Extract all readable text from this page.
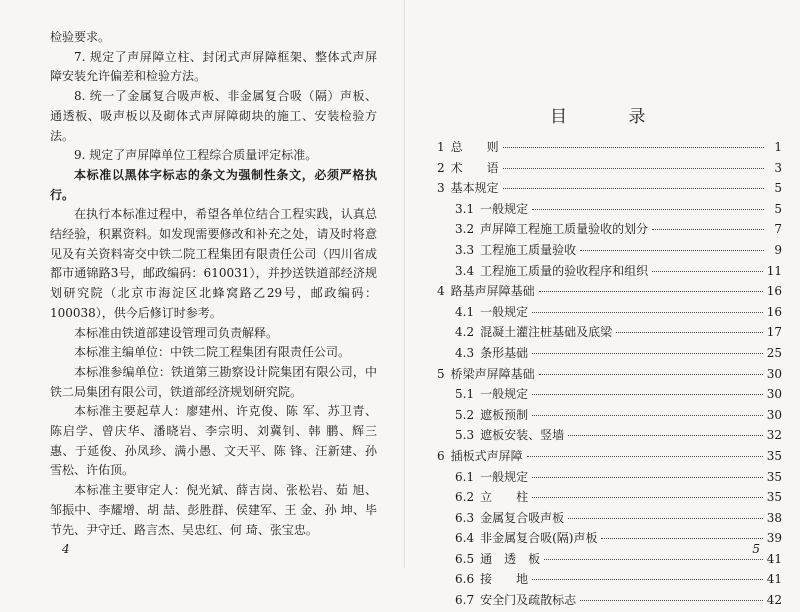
检验要求。

7. 规定了声屏障立柱、封闭式声屏障框架、整体式声屏障安装允许偏差和检验方法。

8. 统一了金属复合吸声板、非金属复合吸（隔）声板、通透板、吸声板以及砌体式声屏障砌块的施工、安装检验方法。

9. 规定了声屏障单位工程综合质量评定标准。

本标准以黑体字标志的条文为强制性条文，必须严格执行。

在执行本标准过程中，希望各单位结合工程实践，认真总结经验，积累资料。如发现需要修改和补充之处，请及时将意见及有关资料寄交中铁二院工程集团有限责任公司（四川省成都市通锦路3号，邮政编码：610031），并抄送铁道部经济规划研究院（北京市海淀区北蜂窝路乙29号，邮政编码：100038），供今后修订时参考。

本标准由铁道部建设管理司负责解释。

本标准主编单位：中铁二院工程集团有限责任公司。

本标准参编单位：铁道第三勘察设计院集团有限公司，中铁二局集团有限公司，铁道部经济规划研究院。

本标准主要起草人：廖建州、许克俊、陈 军、苏卫青、陈启学、曾庆华、潘晓岩、李宗明、刘冀钊、韩 鹏、辉三惠、于延俊、孙凤珍、满小愚、文天平、陈 锋、汪新建、孙雪松、许佑顶。

本标准主要审定人：倪光斌、薛吉岗、张松岩、茹 旭、邹振中、李耀增、胡 喆、彭胜群、侯建军、王 金、孙 坤、毕节先、尹守迁、路言杰、吴忠红、何 琦、张宝忠。

4
目 录
1 总　　则	1
2 术　　语	3
3 基本规定	5
3.1 一般规定	5
3.2 声屏障工程施工质量验收的划分	7
3.3 工程施工质量验收	9
3.4 工程施工质量的验收程序和组织	11
4 路基声屏障基础	16
4.1 一般规定	16
4.2 混凝土灌注桩基础及底梁	17
4.3 条形基础	25
5 桥梁声屏障基础	30
5.1 一般规定	30
5.2 遮板预制	30
5.3 遮板安装、竖墙	32
6 插板式声屏障	35
6.1 一般规定	35
6.2 立　　柱	35
6.3 金属复合吸声板	38
6.4 非金属复合吸(隔)声板	39
6.5 通　透　板	41
6.6 接　　地	41
6.7 安全门及疏散标志	42
5
